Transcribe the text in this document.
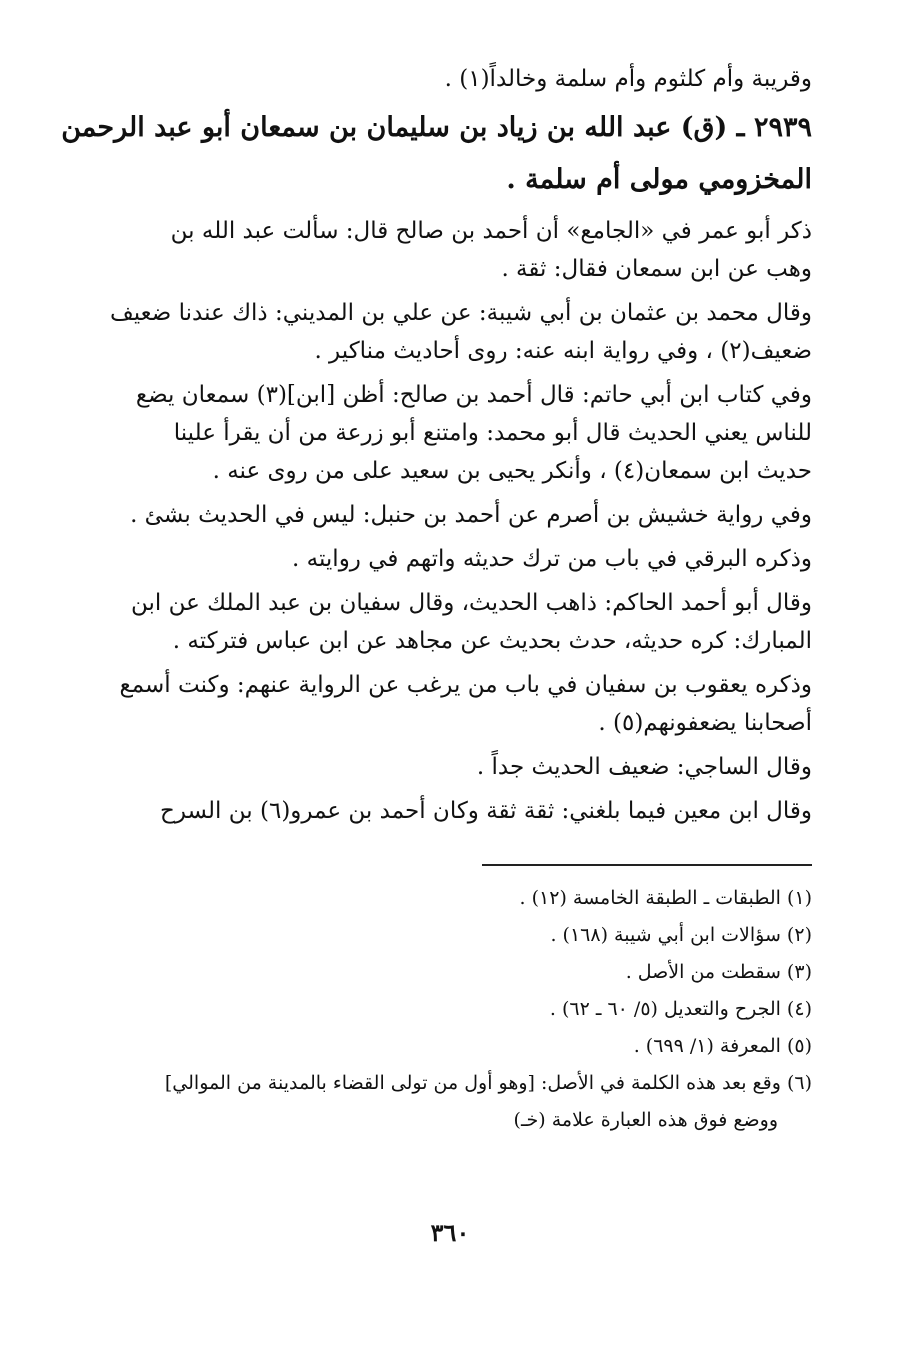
وقريبة وأم كلثوم وأم سلمة وخالداً(١) .
٢٩٣٩ ـ (ق) عبد الله بن زياد بن سليمان بن سمعان أبو عبد الرحمن
المخزومي مولى أم سلمة .
ذكر أبو عمر في «الجامع» أن أحمد بن صالح قال: سألت عبد الله بن
وهب عن ابن سمعان فقال: ثقة .
وقال محمد بن عثمان بن أبي شيبة: عن علي بن المديني: ذاك عندنا ضعيف
ضعيف(٢) ، وفي رواية ابنه عنه: روى أحاديث مناكير .
وفي كتاب ابن أبي حاتم: قال أحمد بن صالح: أظن [ابن](٣) سمعان يضع
للناس يعني الحديث قال أبو محمد: وامتنع أبو زرعة من أن يقرأ علينا
حديث ابن سمعان(٤) ، وأنكر يحيى بن سعيد على من روى عنه .
وفي رواية خشيش بن أصرم عن أحمد بن حنبل: ليس في الحديث بشئ .
وذكره البرقي في باب من ترك حديثه واتهم في روايته .
وقال أبو أحمد الحاكم: ذاهب الحديث، وقال سفيان بن عبد الملك عن ابن
المبارك: كره حديثه، حدث بحديث عن مجاهد عن ابن عباس فتركته .
وذكره يعقوب بن سفيان في باب من يرغب عن الرواية عنهم: وكنت أسمع
أصحابنا يضعفونهم(٥) .
وقال الساجي: ضعيف الحديث جداً .
وقال ابن معين فيما بلغني: ثقة ثقة وكان أحمد بن عمرو(٦) بن السرح
(١) الطبقات ـ الطبقة الخامسة (١٢) .
(٢) سؤالات ابن أبي شيبة (١٦٨) .
(٣) سقطت من الأصل .
(٤) الجرح والتعديل (٥/ ٦٠ ـ ٦٢) .
(٥) المعرفة (١/ ٦٩٩) .
(٦) وقع بعد هذه الكلمة في الأصل: [وهو أول من تولى القضاء بالمدينة من الموالي]
ووضع فوق هذه العبارة علامة (خـ)
٣٦٠
